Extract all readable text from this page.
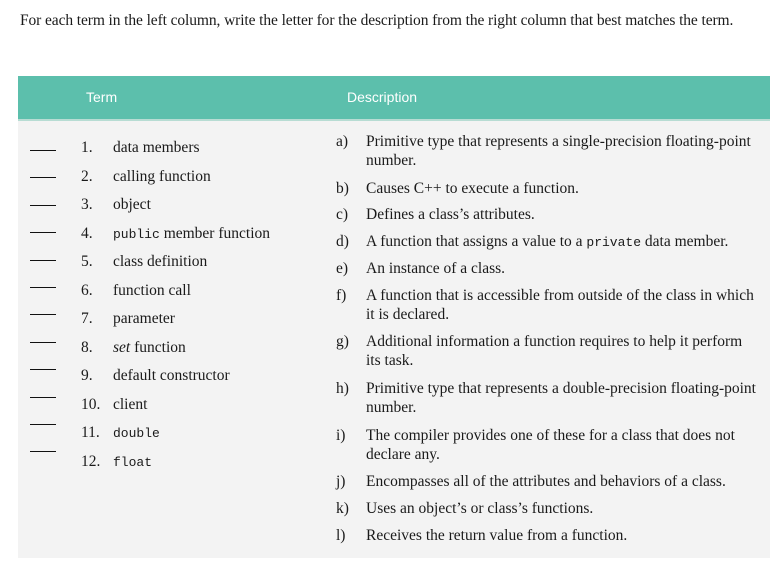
For each term in the left column, write the letter for the description from the right column that best matches the term.
Term	Description
1.	data members
2.	calling function
3.	object
4.	public member function
5.	class definition
6.	function call
7.	parameter
8.	set function
9.	default constructor
10. client
11.	double
12. float
a)	Primitive type that represents a single-precision floating-point number.
b)	Causes C++ to execute a function.
c)	Defines a class’s attributes.
d)	A function that assigns a value to a private data member.
e)	An instance of a class.
f)	A function that is accessible from outside of the class in which it is declared.
g)	Additional information a function requires to help it perform its task.
h)	Primitive type that represents a double-precision floating-point number.
i)	The compiler provides one of these for a class that does not declare any.
j)	Encompasses all of the attributes and behaviors of a class.
k)	Uses an object’s or class’s functions.
l)	Receives the return value from a function.
